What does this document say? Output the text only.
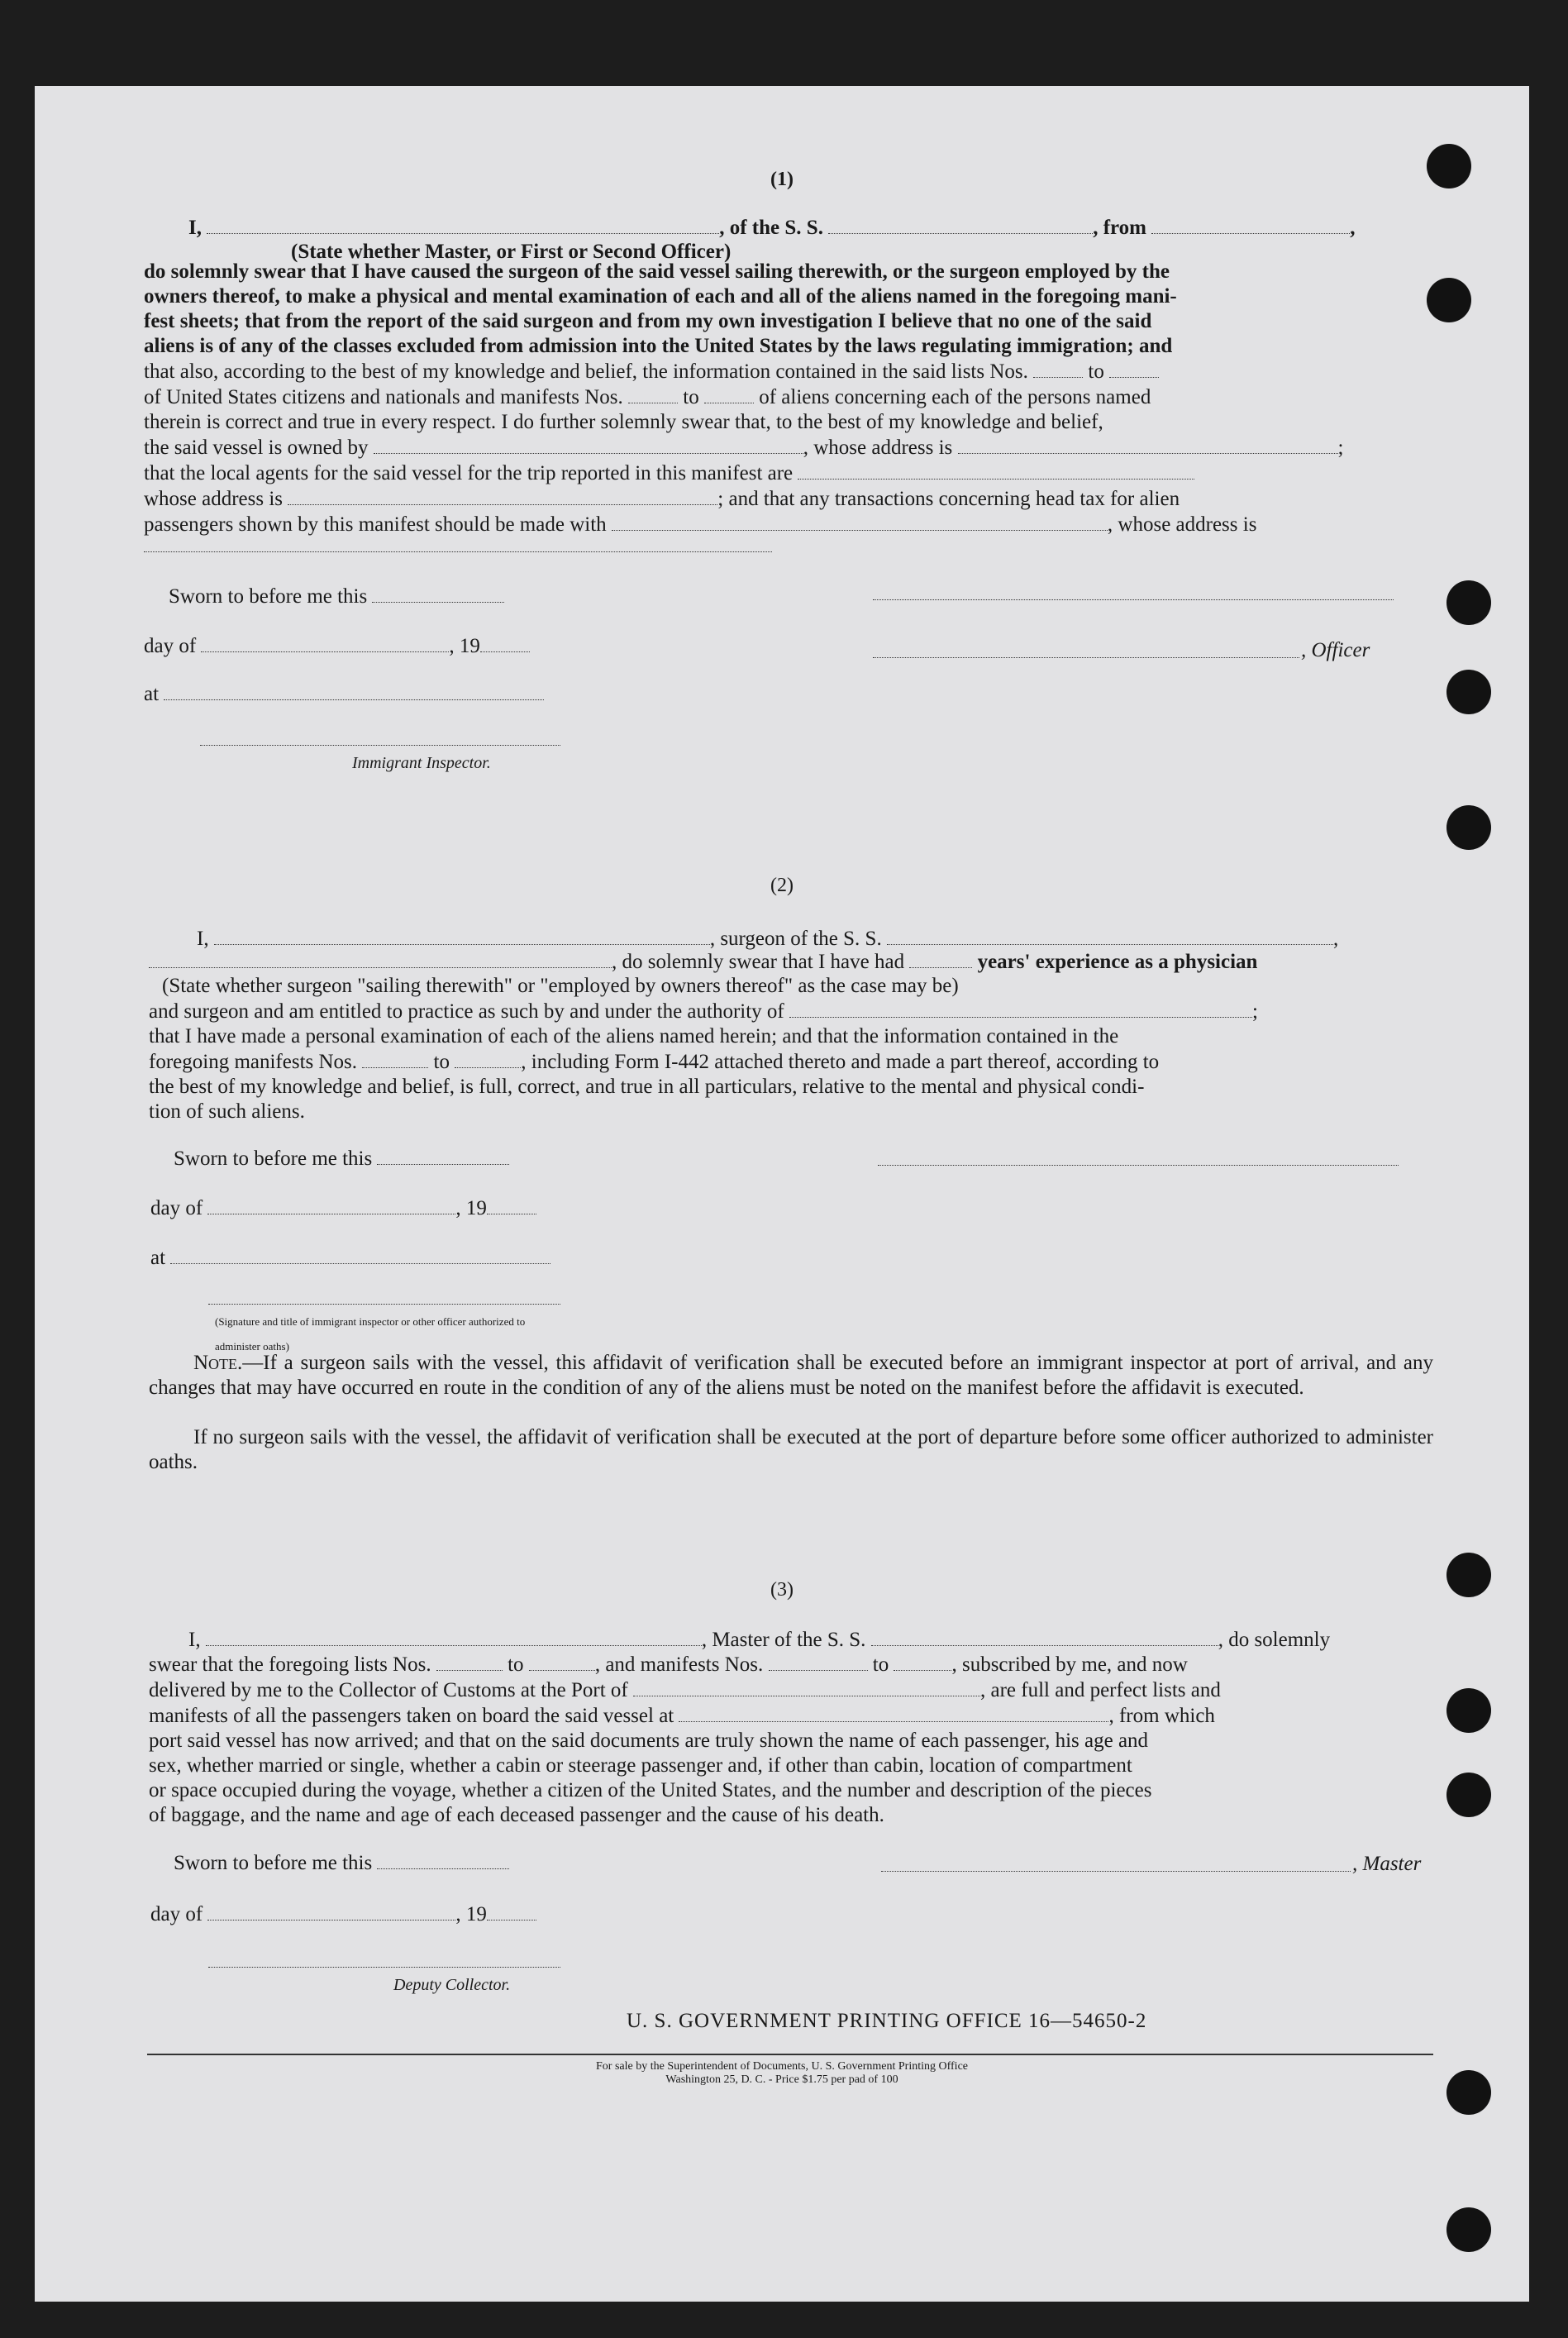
(1)
I,	, of the S. S.	, from	,
(State whether Master, or First or Second Officer)
do solemnly swear that I have caused the surgeon of the said vessel sailing therewith, or the surgeon employed by the
owners thereof, to make a physical and mental examination of each and all of the aliens named in the foregoing mani-
fest sheets; that from the report of the said surgeon and from my own investigation I believe that no one of the said
aliens is of any of the classes excluded from admission into the United States by the laws regulating immigration; and
that also, according to the best of my knowledge and belief, the information contained in the said lists Nos.	to
of United States citizens and nationals and manifests Nos.	to	of aliens concerning each of the persons named
therein is correct and true in every respect. I do further solemnly swear that, to the best of my knowledge and belief,
the said vessel is owned by	, whose address is	;
that the local agents for the said vessel for the trip reported in this manifest are
whose address is	; and that any transactions concerning head tax for alien
passengers shown by this manifest should be made with	, whose address is
Sworn to before me this
day of	, 19	, Officer
at
Immigrant Inspector.
(2)
I,	, surgeon of the S. S.	,
, do solemnly swear that I have had	years' experience as a physician
(State whether surgeon "sailing therewith" or "employed by owners thereof" as the case may be)
and surgeon and am entitled to practice as such by and under the authority of	;
that I have made a personal examination of each of the aliens named herein; and that the information contained in the
foregoing manifests Nos.	to	, including Form I-442 attached thereto and made a part thereof, according to
the best of my knowledge and belief, is full, correct, and true in all particulars, relative to the mental and physical condi-
tion of such aliens.
Sworn to before me this
day of	, 19
at
(Signature and title of immigrant inspector or other officer authorized to administer oaths)
Note.—If a surgeon sails with the vessel, this affidavit of verification shall be executed before an immigrant inspector at port of arrival, and any changes that may have occurred en route in the condition of any of the aliens must be noted on the manifest before the affidavit is executed.
If no surgeon sails with the vessel, the affidavit of verification shall be executed at the port of departure before some officer authorized to administer oaths.
(3)
I,	, Master of the S. S.	, do solemnly
swear that the foregoing lists Nos.	to	, and manifests Nos.	to	, subscribed by me, and now
delivered by me to the Collector of Customs at the Port of	, are full and perfect lists and
manifests of all the passengers taken on board the said vessel at	, from which
port said vessel has now arrived; and that on the said documents are truly shown the name of each passenger, his age and
sex, whether married or single, whether a cabin or steerage passenger and, if other than cabin, location of compartment
or space occupied during the voyage, whether a citizen of the United States, and the number and description of the pieces
of baggage, and the name and age of each deceased passenger and the cause of his death.
Sworn to before me this	, Master
day of	, 19
Deputy Collector.
U. S. GOVERNMENT PRINTING OFFICE 16—54650-2
For sale by the Superintendent of Documents, U. S. Government Printing Office
Washington 25, D. C. - Price $1.75 per pad of 100
